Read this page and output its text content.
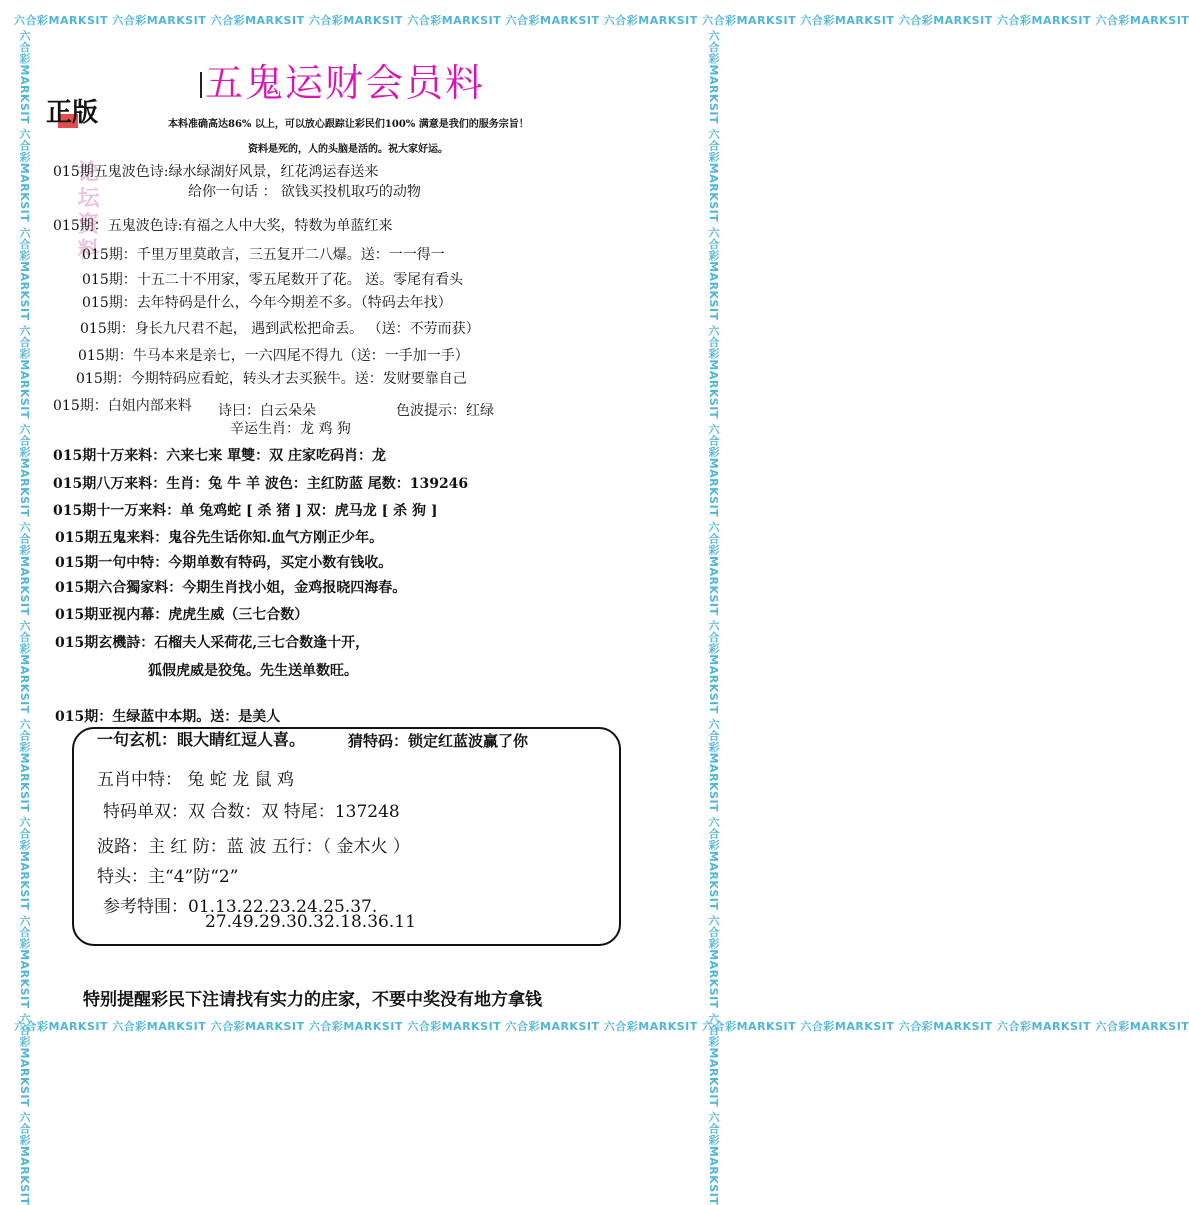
六合彩MARKSIT 六合彩MARKSIT 六合彩MARKSIT 六合彩MARKSIT 六合彩MARKSIT 六合彩MARKSIT 六合彩MARKSIT 六合彩MARKSIT 六合彩MARKSIT 六合彩MARKSIT 六合彩MARKSIT 六合彩MARKSIT
六合彩MARKSIT 六合彩MARKSIT 六合彩MARKSIT 六合彩MARKSIT 六合彩MARKSIT 六合彩MARKSIT 六合彩MARKSIT 六合彩MARKSIT 六合彩MARKSIT 六合彩MARKSIT 六合彩MARKSIT 六合彩MARKSIT
六合彩MARKSIT 六合彩MARKSIT 六合彩MARKSIT 六合彩MARKSIT 六合彩MARKSIT 六合彩MARKSIT 六合彩MARKSIT 六合彩MARKSIT 六合彩MARKSIT 六合彩MARKSIT 六合彩MARKSIT 六合彩MARKSIT	六合彩MARKSIT 六合彩MARKSIT 六合彩MARKSIT 六合彩MARKSIT 六合彩MARKSIT 六合彩MARKSIT 六合彩MARKSIT 六合彩MARKSIT 六合彩MARKSIT 六合彩MARKSIT 六合彩MARKSIT 六合彩MARKSIT
五鬼运财会员料
正版	本料准确高达86% 以上，可以放心跟踪让彩民们100% 满意是我们的服务宗旨！
资料是死的，人的头脑是活的。祝大家好运。
论坛资料
015期五鬼波色诗:绿水绿湖好风景，红花鸿运春送来
给你一句话 ： 欲钱买投机取巧的动物
015期：五鬼波色诗:有福之人中大奖，特数为单蓝红来
015期：千里万里莫敢言，三五复开二八爆。送：一一得一
015期：十五二十不用家，零五尾数开了花。 送。零尾有看头
015期：去年特码是什么，今年今期差不多。（特码去年找）
015期：身长九尺君不起， 遇到武松把命丢。 （送：不劳而获）
015期：牛马本来是亲七，一六四尾不得九（送：一手加一手）
015期：今期特码应看蛇，转头才去买猴牛。送：发财要靠自己
015期：白姐内部来料 诗曰：白云朵朵	色波提示：红绿
辛运生肖：龙 鸡 狗
015期十万来料：六来七来 單雙：双 庄家吃码肖：龙
015期八万来料：生肖：兔 牛 羊 波色：主红防蓝 尾数：139246
015期十一万来料：单 兔鸡蛇 [ 杀 猪 ] 双：虎马龙 [ 杀 狗 ]
015期五鬼来料：鬼谷先生话你知.血气方刚正少年。
015期一句中特：今期单数有特码，买定小数有钱收。
015期六合獨家料：今期生肖找小姐，金鸡报晓四海春。
015期亚视内幕：虎虎生威（三七合数）
015期玄機詩：石榴夫人采荷花,三七合数逢十开，
狐假虎威是狡兔。先生送单数旺。
015期：生绿蓝中本期。送：是美人
一句玄机：眼大睛红逗人喜。	猜特码：锁定红蓝波赢了你
五肖中特： 兔 蛇 龙 鼠 鸡
特码单双：双 合数：双 特尾：137248
波路：主 红 防：蓝 波 五行：（ 金木火 ）
特头：主“4”防“2”
参考特围：01.13.22.23.24.25.37.
27.49.29.30.32.18.36.11
特别提醒彩民下注请找有实力的庄家，不要中奖没有地方拿钱
